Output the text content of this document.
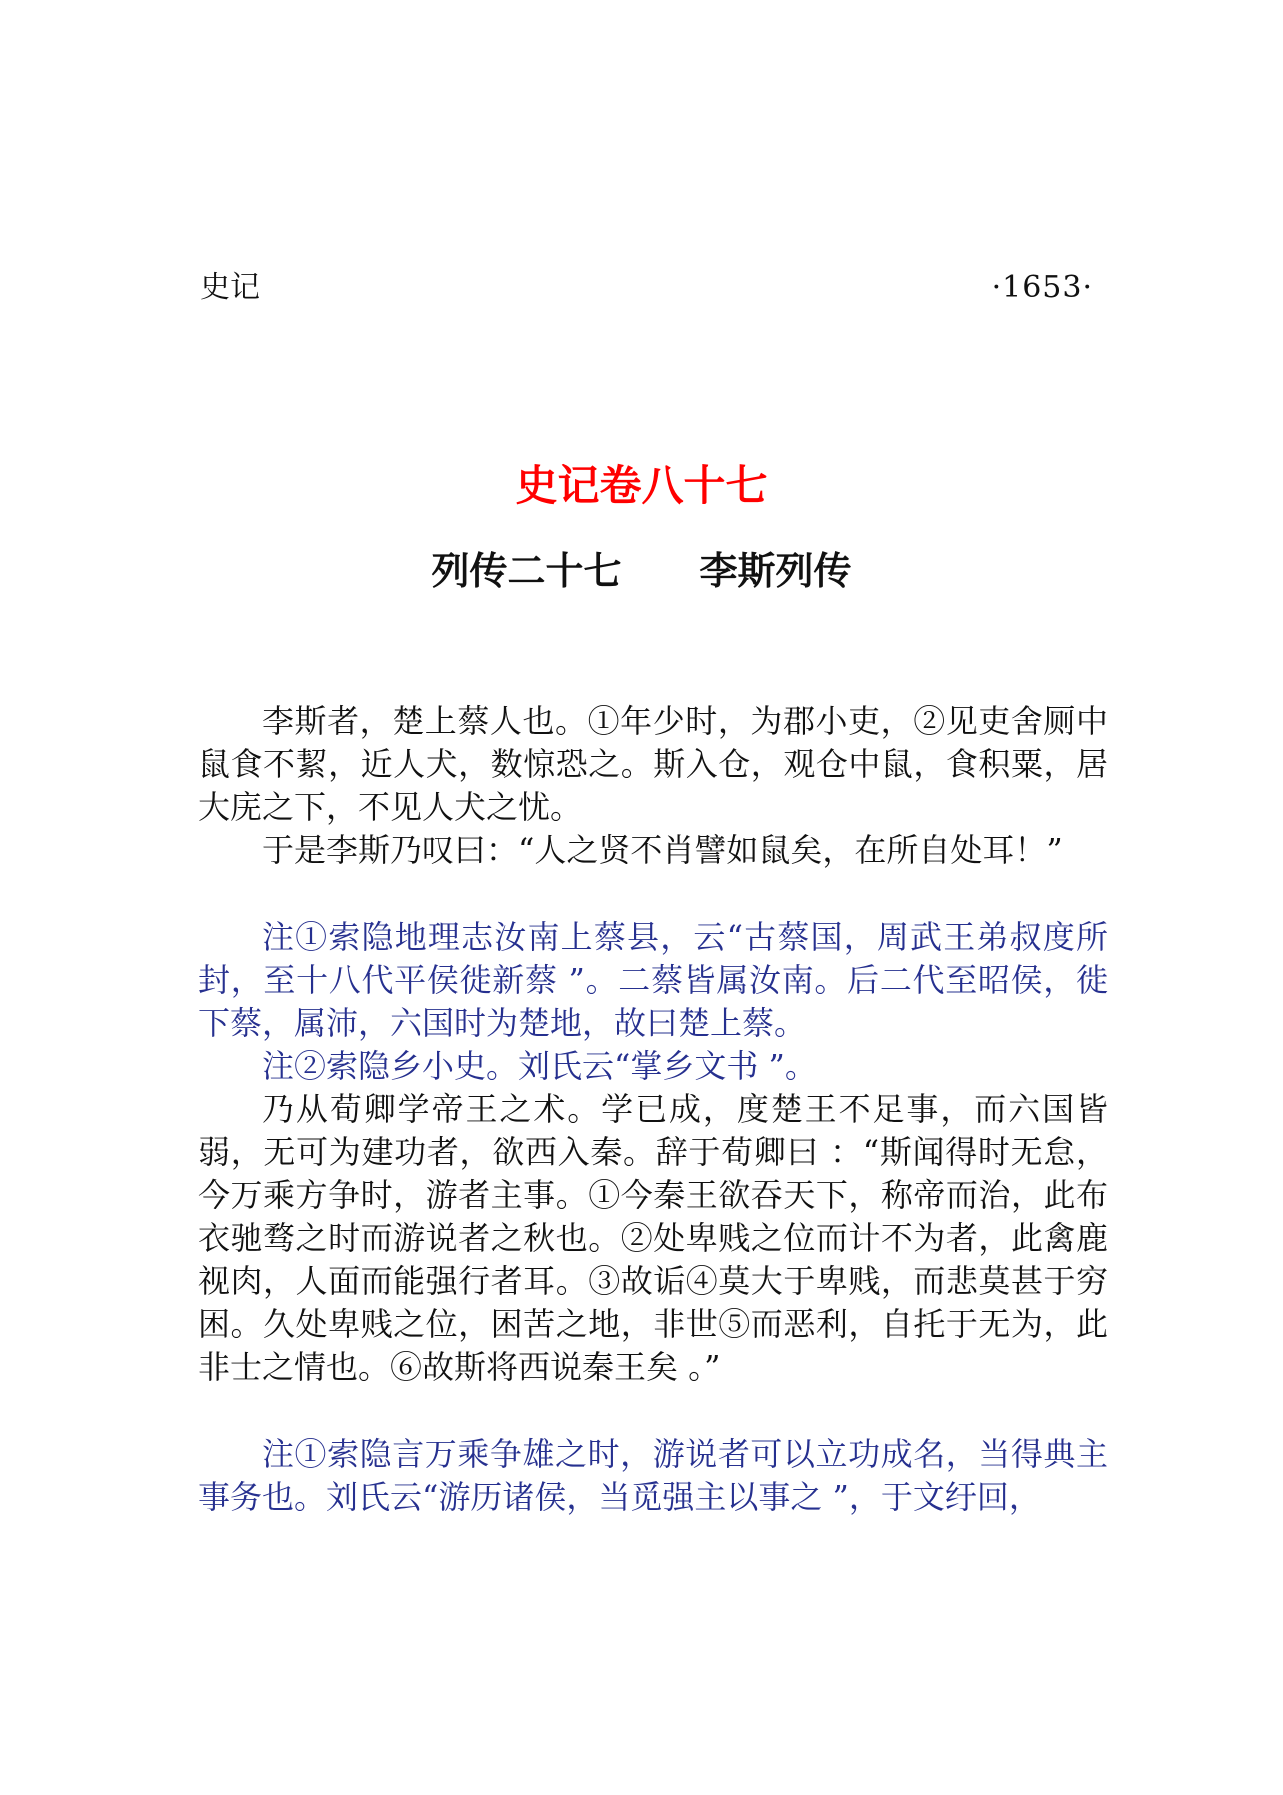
史记	·1653·
史记卷八十七
列传二十七 李斯列传

李斯者，楚上蔡人也。①年少时，为郡小吏，②见吏舍厕中鼠食不絜，近人犬，数惊恐之。斯入仓，观仓中鼠，食积粟，居大庑之下，不见人犬之忧。

于是李斯乃叹曰：“人之贤不肖譬如鼠矣，在所自处耳！”

注①索隐地理志汝南上蔡县，云“古蔡国，周武王弟叔度所封，至十八代平侯徙新蔡 ”。二蔡皆属汝南。后二代至昭侯，徙下蔡，属沛，六国时为楚地，故曰楚上蔡。

注②索隐乡小史。刘氏云“掌乡文书 ”。

乃从荀卿学帝王之术。学已成，度楚王不足事，而六国皆弱，无可为建功者，欲西入秦。辞于荀卿曰 ：“斯闻得时无怠，今万乘方争时，游者主事。①今秦王欲吞天下，称帝而治，此布衣驰骛之时而游说者之秋也。②处卑贱之位而计不为者，此禽鹿视肉，人面而能强行者耳。③故诟④莫大于卑贱，而悲莫甚于穷困。久处卑贱之位，困苦之地，非世⑤而恶利，自托于无为，此非士之情也。⑥故斯将西说秦王矣 。”

注①索隐言万乘争雄之时，游说者可以立功成名，当得典主事务也。刘氏云“游历诸侯，当觅强主以事之 ”，于文纡回，
